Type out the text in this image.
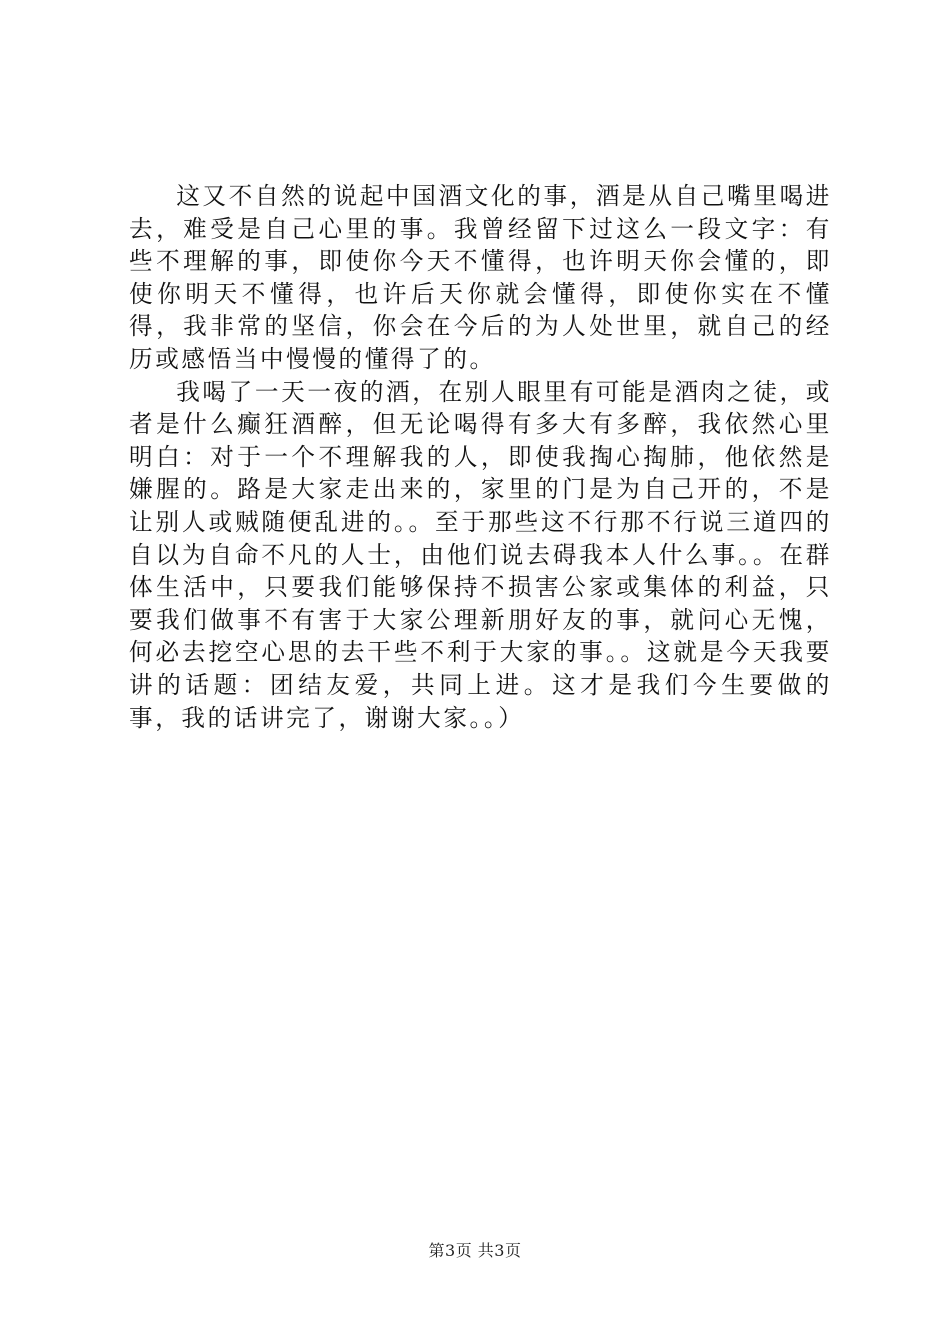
这又不自然的说起中国酒文化的事，酒是从自己嘴里喝进去，难受是自己心里的事。我曾经留下过这么一段文字：有些不理解的事，即使你今天不懂得，也许明天你会懂的，即使你明天不懂得，也许后天你就会懂得，即使你实在不懂得，我非常的坚信，你会在今后的为人处世里，就自己的经历或感悟当中慢慢的懂得了的。

我喝了一天一夜的酒，在别人眼里有可能是酒肉之徒，或者是什么癫狂酒醉，但无论喝得有多大有多醉，我依然心里明白：对于一个不理解我的人，即使我掏心掏肺，他依然是嫌腥的。路是大家走出来的，家里的门是为自己开的，不是让别人或贼随便乱进的。。至于那些这不行那不行说三道四的自以为自命不凡的人士，由他们说去碍我本人什么事。。在群体生活中，只要我们能够保持不损害公家或集体的利益，只要我们做事不有害于大家公理新朋好友的事，就问心无愧，何必去挖空心思的去干些不利于大家的事。。这就是今天我要讲的话题：团结友爱，共同上进。这才是我们今生要做的事，我的话讲完了，谢谢大家。。）

第3页 共3页
